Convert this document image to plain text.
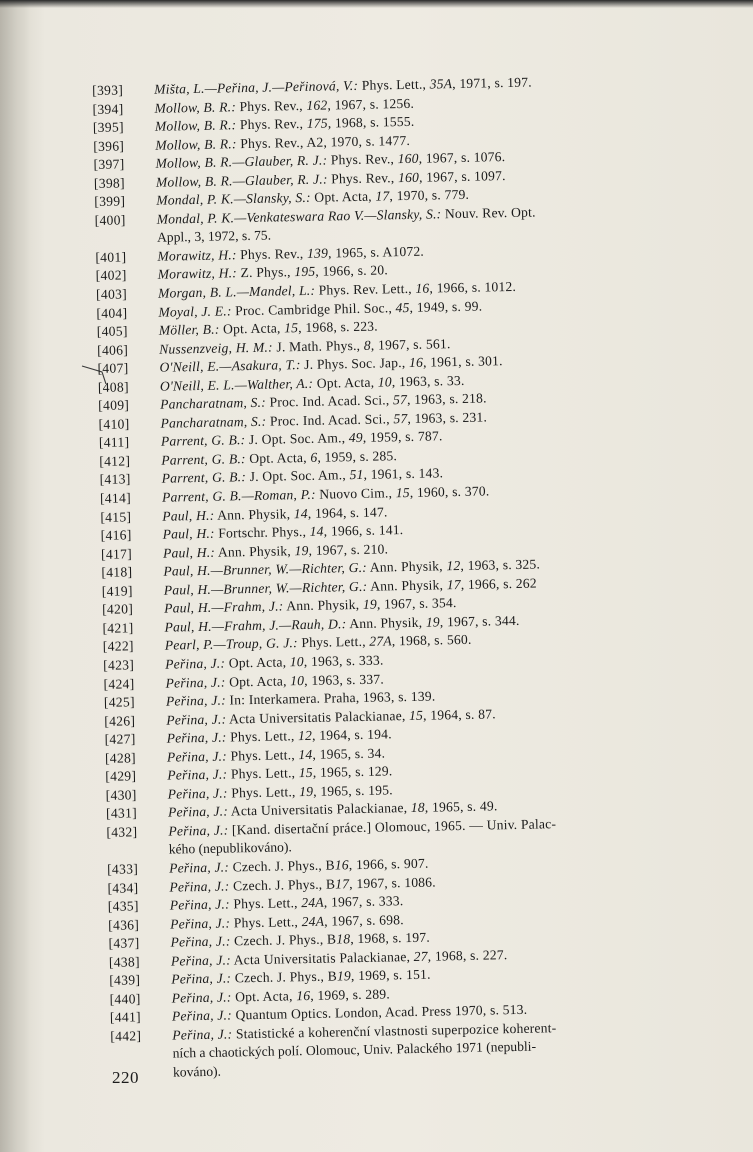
[393]	Mišta, L.—Peřina, J.—Peřinová, V.: Phys. Lett., 35A, 1971, s. 197.
[394]	Mollow, B. R.: Phys. Rev., 162, 1967, s. 1256.
[395]	Mollow, B. R.: Phys. Rev., 175, 1968, s. 1555.
[396]	Mollow, B. R.: Phys. Rev., A2, 1970, s. 1477.
[397]	Mollow, B. R.—Glauber, R. J.: Phys. Rev., 160, 1967, s. 1076.
[398]	Mollow, B. R.—Glauber, R. J.: Phys. Rev., 160, 1967, s. 1097.
[399]	Mondal, P. K.—Slansky, S.: Opt. Acta, 17, 1970, s. 779.
[400]	Mondal, P. K.—Venkateswara Rao V.—Slansky, S.: Nouv. Rev. Opt.
Appl., 3, 1972, s. 75.
[401]	Morawitz, H.: Phys. Rev., 139, 1965, s. A1072.
[402]	Morawitz, H.: Z. Phys., 195, 1966, s. 20.
[403]	Morgan, B. L.—Mandel, L.: Phys. Rev. Lett., 16, 1966, s. 1012.
[404]	Moyal, J. E.: Proc. Cambridge Phil. Soc., 45, 1949, s. 99.
[405]	Möller, B.: Opt. Acta, 15, 1968, s. 223.
[406]	Nussenzveig, H. M.: J. Math. Phys., 8, 1967, s. 561.
[407]	O'Neill, E.—Asakura, T.: J. Phys. Soc. Jap., 16, 1961, s. 301.
[408]	O'Neill, E. L.—Walther, A.: Opt. Acta, 10, 1963, s. 33.
[409]	Pancharatnam, S.: Proc. Ind. Acad. Sci., 57, 1963, s. 218.
[410]	Pancharatnam, S.: Proc. Ind. Acad. Sci., 57, 1963, s. 231.
[411]	Parrent, G. B.: J. Opt. Soc. Am., 49, 1959, s. 787.
[412]	Parrent, G. B.: Opt. Acta, 6, 1959, s. 285.
[413]	Parrent, G. B.: J. Opt. Soc. Am., 51, 1961, s. 143.
[414]	Parrent, G. B.—Roman, P.: Nuovo Cim., 15, 1960, s. 370.
[415]	Paul, H.: Ann. Physik, 14, 1964, s. 147.
[416]	Paul, H.: Fortschr. Phys., 14, 1966, s. 141.
[417]	Paul, H.: Ann. Physik, 19, 1967, s. 210.
[418]	Paul, H.—Brunner, W.—Richter, G.: Ann. Physik, 12, 1963, s. 325.
[419]	Paul, H.—Brunner, W.—Richter, G.: Ann. Physik, 17, 1966, s. 262
[420]	Paul, H.—Frahm, J.: Ann. Physik, 19, 1967, s. 354.
[421]	Paul, H.—Frahm, J.—Rauh, D.: Ann. Physik, 19, 1967, s. 344.
[422]	Pearl, P.—Troup, G. J.: Phys. Lett., 27A, 1968, s. 560.
[423]	Peřina, J.: Opt. Acta, 10, 1963, s. 333.
[424]	Peřina, J.: Opt. Acta, 10, 1963, s. 337.
[425]	Peřina, J.: In: Interkamera. Praha, 1963, s. 139.
[426]	Peřina, J.: Acta Universitatis Palackianae, 15, 1964, s. 87.
[427]	Peřina, J.: Phys. Lett., 12, 1964, s. 194.
[428]	Peřina, J.: Phys. Lett., 14, 1965, s. 34.
[429]	Peřina, J.: Phys. Lett., 15, 1965, s. 129.
[430]	Peřina, J.: Phys. Lett., 19, 1965, s. 195.
[431]	Peřina, J.: Acta Universitatis Palackianae, 18, 1965, s. 49.
[432]	Peřina, J.: [Kand. disertační práce.] Olomouc, 1965. — Univ. Palac-
kého (nepublikováno).
[433]	Peřina, J.: Czech. J. Phys., B16, 1966, s. 907.
[434]	Peřina, J.: Czech. J. Phys., B17, 1967, s. 1086.
[435]	Peřina, J.: Phys. Lett., 24A, 1967, s. 333.
[436]	Peřina, J.: Phys. Lett., 24A, 1967, s. 698.
[437]	Peřina, J.: Czech. J. Phys., B18, 1968, s. 197.
[438]	Peřina, J.: Acta Universitatis Palackianae, 27, 1968, s. 227.
[439]	Peřina, J.: Czech. J. Phys., B19, 1969, s. 151.
[440]	Peřina, J.: Opt. Acta, 16, 1969, s. 289.
[441]	Peřina, J.: Quantum Optics. London, Acad. Press 1970, s. 513.
[442]	Peřina, J.: Statistické a koherenční vlastnosti superpozice koherent-
ních a chaotických polí. Olomouc, Univ. Palackého 1971 (nepubli-
kováno).
220
